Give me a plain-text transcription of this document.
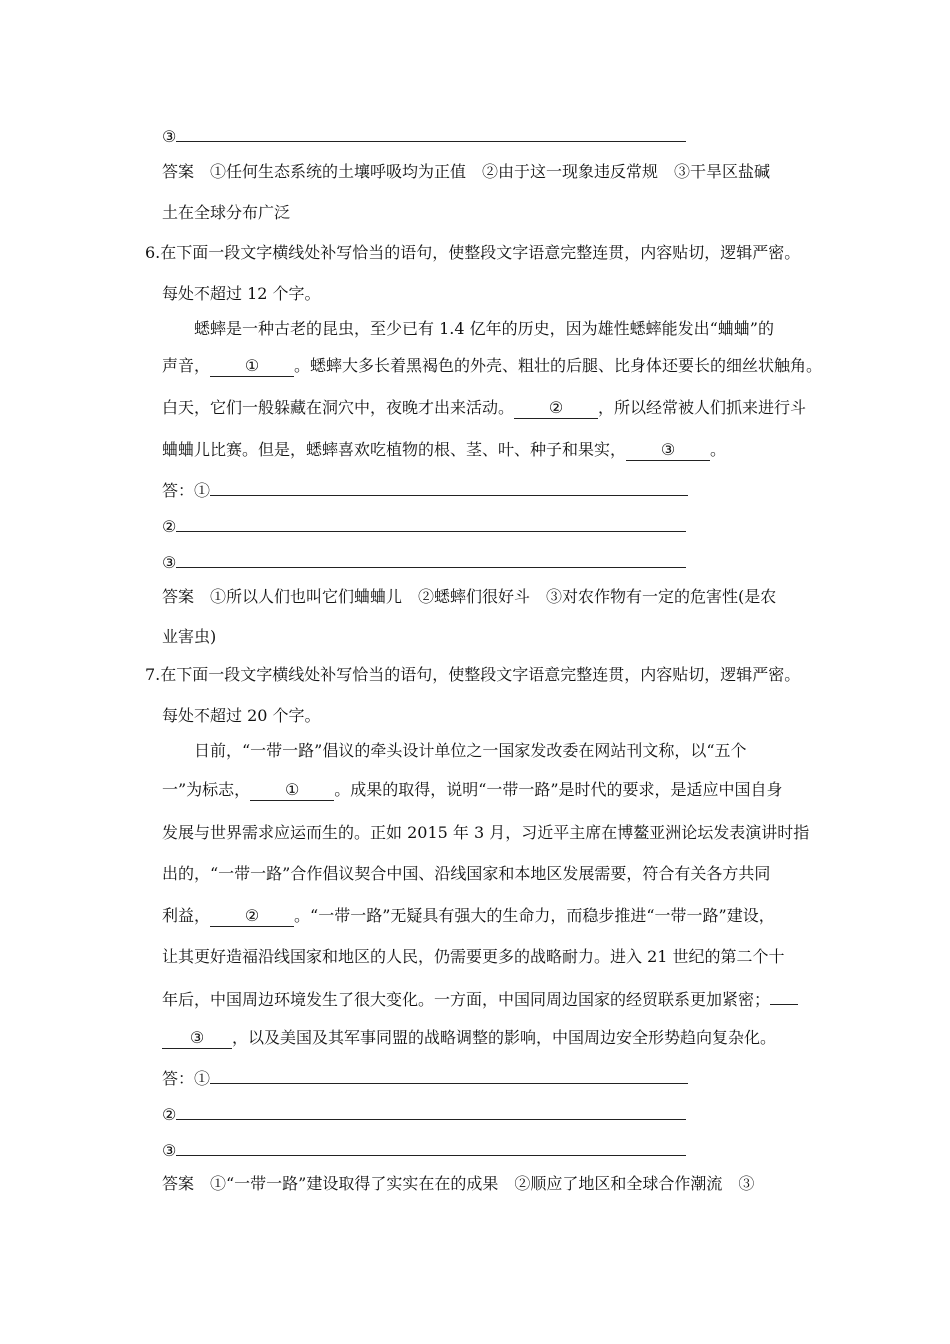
③
答案　①任何生态系统的土壤呼吸均为正值　②由于这一现象违反常规　③干旱区盐碱
土在全球分布广泛
6.在下面一段文字横线处补写恰当的语句，使整段文字语意完整连贯，内容贴切，逻辑严密。
每处不超过 12 个字。
蟋蟀是一种古老的昆虫，至少已有 1.4 亿年的历史，因为雄性蟋蟀能发出“蛐蛐”的
声音， ① 。蟋蟀大多长着黑褐色的外壳、粗壮的后腿、比身体还要长的细丝状触角。
白天，它们一般躲藏在洞穴中，夜晚才出来活动。 ② ，所以经常被人们抓来进行斗
蛐蛐儿比赛。但是，蟋蟀喜欢吃植物的根、茎、叶、种子和果实， ③ 。
答：①
②
③
答案　①所以人们也叫它们蛐蛐儿　②蟋蟀们很好斗　③对农作物有一定的危害性(是农
业害虫)
7.在下面一段文字横线处补写恰当的语句，使整段文字语意完整连贯，内容贴切，逻辑严密。
每处不超过 20 个字。
日前，“一带一路”倡议的牵头设计单位之一国家发改委在网站刊文称，以“五个
一”为标志， ① 。成果的取得，说明“一带一路”是时代的要求，是适应中国自身
发展与世界需求应运而生的。正如 2015 年 3 月，习近平主席在博鳌亚洲论坛发表演讲时指
出的，“一带一路”合作倡议契合中国、沿线国家和本地区发展需要，符合有关各方共同
利益， ② 。“一带一路”无疑具有强大的生命力，而稳步推进“一带一路”建设，
让其更好造福沿线国家和地区的人民，仍需要更多的战略耐力。进入 21 世纪的第二个十
年后，中国周边环境发生了很大变化。一方面，中国同周边国家的经贸联系更加紧密；
③ ，以及美国及其军事同盟的战略调整的影响，中国周边安全形势趋向复杂化。
答：①
②
③
答案　①“一带一路”建设取得了实实在在的成果　②顺应了地区和全球合作潮流　③
